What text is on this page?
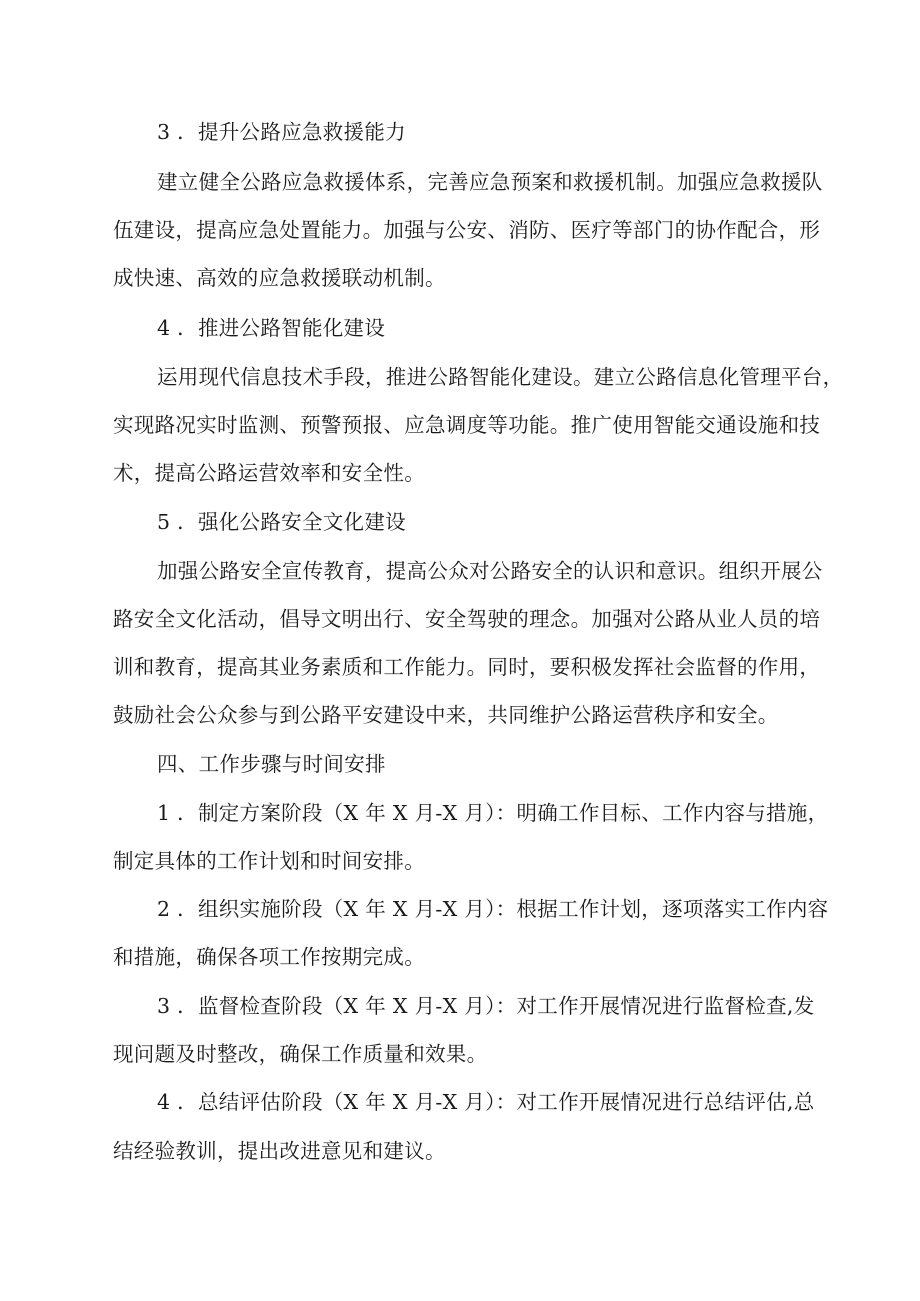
3 ．提升公路应急救援能力
建立健全公路应急救援体系，完善应急预案和救援机制。加强应急救援队
伍建设，提高应急处置能力。加强与公安、消防、医疗等部门的协作配合，形
成快速、高效的应急救援联动机制。
4 ．推进公路智能化建设
运用现代信息技术手段，推进公路智能化建设。建立公路信息化管理平台，
实现路况实时监测、预警预报、应急调度等功能。推广使用智能交通设施和技
术，提高公路运营效率和安全性。
5 ．强化公路安全文化建设
加强公路安全宣传教育，提高公众对公路安全的认识和意识。组织开展公
路安全文化活动，倡导文明出行、安全驾驶的理念。加强对公路从业人员的培
训和教育，提高其业务素质和工作能力。同时，要积极发挥社会监督的作用，
鼓励社会公众参与到公路平安建设中来，共同维护公路运营秩序和安全。
四、工作步骤与时间安排
1 ．制定方案阶段（X 年 X 月-X 月）：明确工作目标、工作内容与措施，
制定具体的工作计划和时间安排。
2 ．组织实施阶段（X 年 X 月-X 月）：根据工作计划，逐项落实工作内容
和措施，确保各项工作按期完成。
3 ．监督检查阶段（X 年 X 月-X 月）：对工作开展情况进行监督检查,发
现问题及时整改，确保工作质量和效果。
4 ．总结评估阶段（X 年 X 月-X 月）：对工作开展情况进行总结评估,总
结经验教训，提出改进意见和建议。
